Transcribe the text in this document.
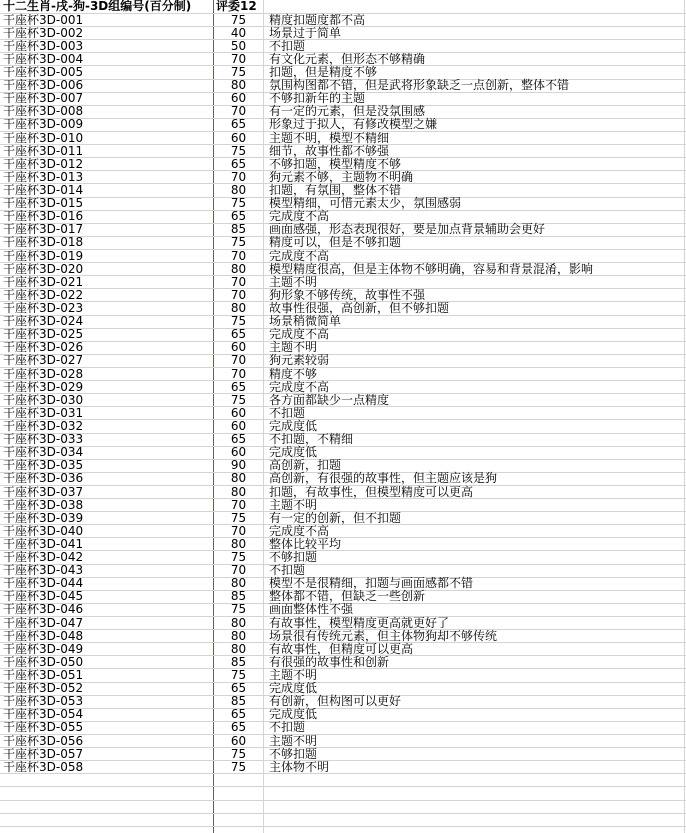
十二生肖-戌-狗-3D组编号(百分制)	评委12
干座杯3D-001	75	精度扣题度都不高
干座杯3D-002	40	场景过于简单
干座杯3D-003	50	不扣题
干座杯3D-004	70	有文化元素，但形态不够精确
干座杯3D-005	75	扣题，但是精度不够
干座杯3D-006	80	氛围构图都不错，但是武将形象缺乏一点创新，整体不错
干座杯3D-007	60	不够扣新年的主题
干座杯3D-008	70	有一定的元素，但是没氛围感
干座杯3D-009	65	形象过于拟人，有修改模型之嫌
干座杯3D-010	60	主题不明，模型不精细
干座杯3D-011	75	细节，故事性都不够强
干座杯3D-012	65	不够扣题，模型精度不够
干座杯3D-013	70	狗元素不够，主题物不明确
干座杯3D-014	80	扣题，有氛围，整体不错
干座杯3D-015	75	模型精细，可惜元素太少，氛围感弱
干座杯3D-016	65	完成度不高
干座杯3D-017	85	画面感强，形态表现很好，要是加点背景辅助会更好
干座杯3D-018	75	精度可以，但是不够扣题
干座杯3D-019	70	完成度不高
干座杯3D-020	80	模型精度很高，但是主体物不够明确，容易和背景混淆，影响
干座杯3D-021	70	主题不明
干座杯3D-022	70	狗形象不够传统，故事性不强
干座杯3D-023	80	故事性很强，高创新，但不够扣题
干座杯3D-024	75	场景稍微简单
干座杯3D-025	65	完成度不高
干座杯3D-026	60	主题不明
干座杯3D-027	70	狗元素较弱
干座杯3D-028	70	精度不够
干座杯3D-029	65	完成度不高
干座杯3D-030	75	各方面都缺少一点精度
干座杯3D-031	60	不扣题
干座杯3D-032	60	完成度低
干座杯3D-033	65	不扣题，不精细
干座杯3D-034	60	完成度低
干座杯3D-035	90	高创新，扣题
干座杯3D-036	80	高创新，有很强的故事性，但主题应该是狗
干座杯3D-037	80	扣题，有故事性，但模型精度可以更高
干座杯3D-038	70	主题不明
干座杯3D-039	75	有一定的创新，但不扣题
干座杯3D-040	70	完成度不高
干座杯3D-041	80	整体比较平均
干座杯3D-042	75	不够扣题
干座杯3D-043	70	不扣题
干座杯3D-044	80	模型不是很精细，扣题与画面感都不错
干座杯3D-045	85	整体都不错，但缺乏一些创新
干座杯3D-046	75	画面整体性不强
干座杯3D-047	80	有故事性，模型精度更高就更好了
干座杯3D-048	80	场景很有传统元素，但主体物狗却不够传统
干座杯3D-049	80	有故事性，但精度可以更高
干座杯3D-050	85	有很强的故事性和创新
干座杯3D-051	75	主题不明
干座杯3D-052	65	完成度低
干座杯3D-053	85	有创新，但构图可以更好
干座杯3D-054	65	完成度低
干座杯3D-055	65	不扣题
干座杯3D-056	60	主题不明
干座杯3D-057	75	不够扣题
干座杯3D-058	75	主体物不明
